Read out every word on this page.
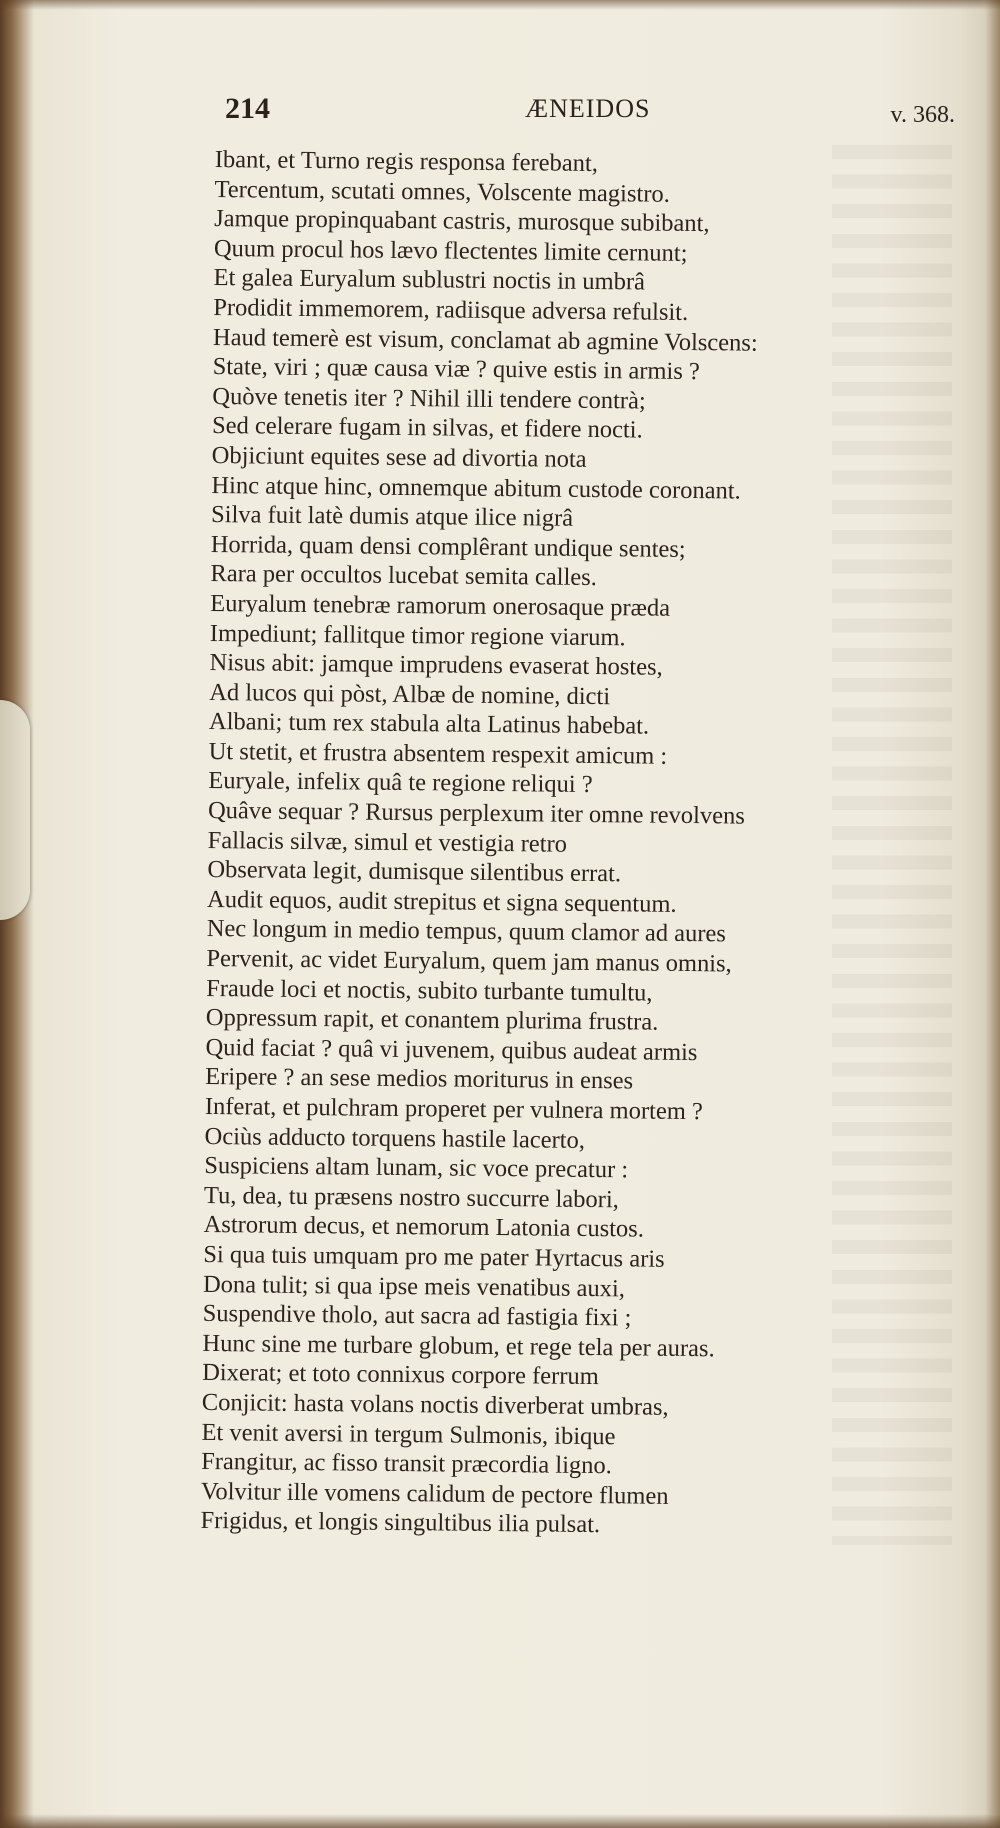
214	ÆNEIDOS	v. 368.
Ibant, et Turno regis responsa ferebant,
Tercentum, scutati omnes, Volscente magistro.
Jamque propinquabant castris, murosque subibant,
Quum procul hos lævo flectentes limite cernunt;
Et galea Euryalum sublustri noctis in umbrâ
Prodidit immemorem, radiisque adversa refulsit.
Haud temerè est visum, conclamat ab agmine Volscens:
State, viri ; quæ causa viæ ? quive estis in armis ?
Quòve tenetis iter ? Nihil illi tendere contrà;
Sed celerare fugam in silvas, et fidere nocti.
Objiciunt equites sese ad divortia nota
Hinc atque hinc, omnemque abitum custode coronant.
Silva fuit latè dumis atque ilice nigrâ
Horrida, quam densi complêrant undique sentes;
Rara per occultos lucebat semita calles.
Euryalum tenebræ ramorum onerosaque præda
Impediunt; fallitque timor regione viarum.
Nisus abit: jamque imprudens evaserat hostes,
Ad lucos qui pòst, Albæ de nomine, dicti
Albani; tum rex stabula alta Latinus habebat.
Ut stetit, et frustra absentem respexit amicum :
Euryale, infelix quâ te regione reliqui ?
Quâve sequar ? Rursus perplexum iter omne revolvens
Fallacis silvæ, simul et vestigia retro
Observata legit, dumisque silentibus errat.
Audit equos, audit strepitus et signa sequentum.
Nec longum in medio tempus, quum clamor ad aures
Pervenit, ac videt Euryalum, quem jam manus omnis,
Fraude loci et noctis, subito turbante tumultu,
Oppressum rapit, et conantem plurima frustra.
Quid faciat ? quâ vi juvenem, quibus audeat armis
Eripere ? an sese medios moriturus in enses
Inferat, et pulchram properet per vulnera mortem ?
Ociùs adducto torquens hastile lacerto,
Suspiciens altam lunam, sic voce precatur :
Tu, dea, tu præsens nostro succurre labori,
Astrorum decus, et nemorum Latonia custos.
Si qua tuis umquam pro me pater Hyrtacus aris
Dona tulit; si qua ipse meis venatibus auxi,
Suspendive tholo, aut sacra ad fastigia fixi ;
Hunc sine me turbare globum, et rege tela per auras.
Dixerat; et toto connixus corpore ferrum
Conjicit: hasta volans noctis diverberat umbras,
Et venit aversi in tergum Sulmonis, ibique
Frangitur, ac fisso transit præcordia ligno.
Volvitur ille vomens calidum de pectore flumen
Frigidus, et longis singultibus ilia pulsat.
